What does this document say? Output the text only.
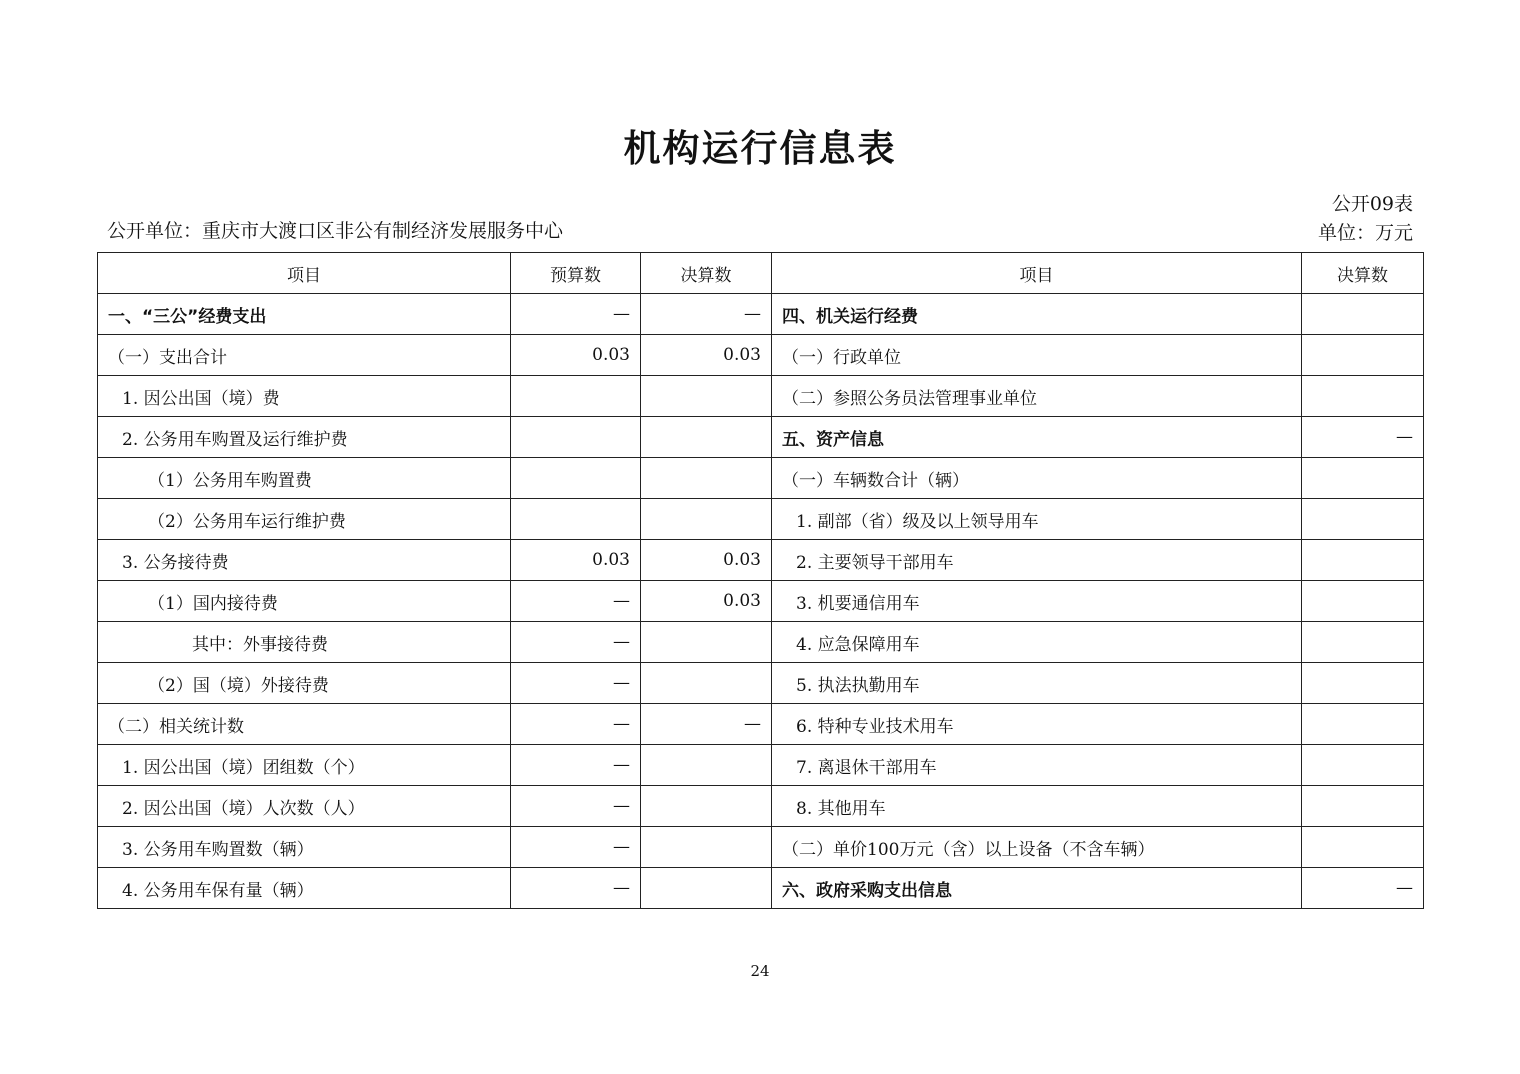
机构运行信息表
公开09表
单位：万元
公开单位：重庆市大渡口区非公有制经济发展服务中心
项目	预算数	决算数	项目	决算数
一、“三公”经费支出	—	—	四、机关运行经费	
（一）支出合计	0.03	0.03	（一）行政单位	
1. 因公出国（境）费			（二）参照公务员法管理事业单位	
2. 公务用车购置及运行维护费			五、资产信息	—
（1）公务用车购置费			（一）车辆数合计（辆）	
（2）公务用车运行维护费			1. 副部（省）级及以上领导用车	
3. 公务接待费	0.03	0.03	2. 主要领导干部用车	
（1）国内接待费	—	0.03	3. 机要通信用车	
其中：外事接待费	—		4. 应急保障用车	
（2）国（境）外接待费	—		5. 执法执勤用车	
（二）相关统计数	—	—	6. 特种专业技术用车	
1. 因公出国（境）团组数（个）	—		7. 离退休干部用车	
2. 因公出国（境）人次数（人）	—		8. 其他用车	
3. 公务用车购置数（辆）	—		（二）单价100万元（含）以上设备（不含车辆）	
4. 公务用车保有量（辆）	—		六、政府采购支出信息	—
24
